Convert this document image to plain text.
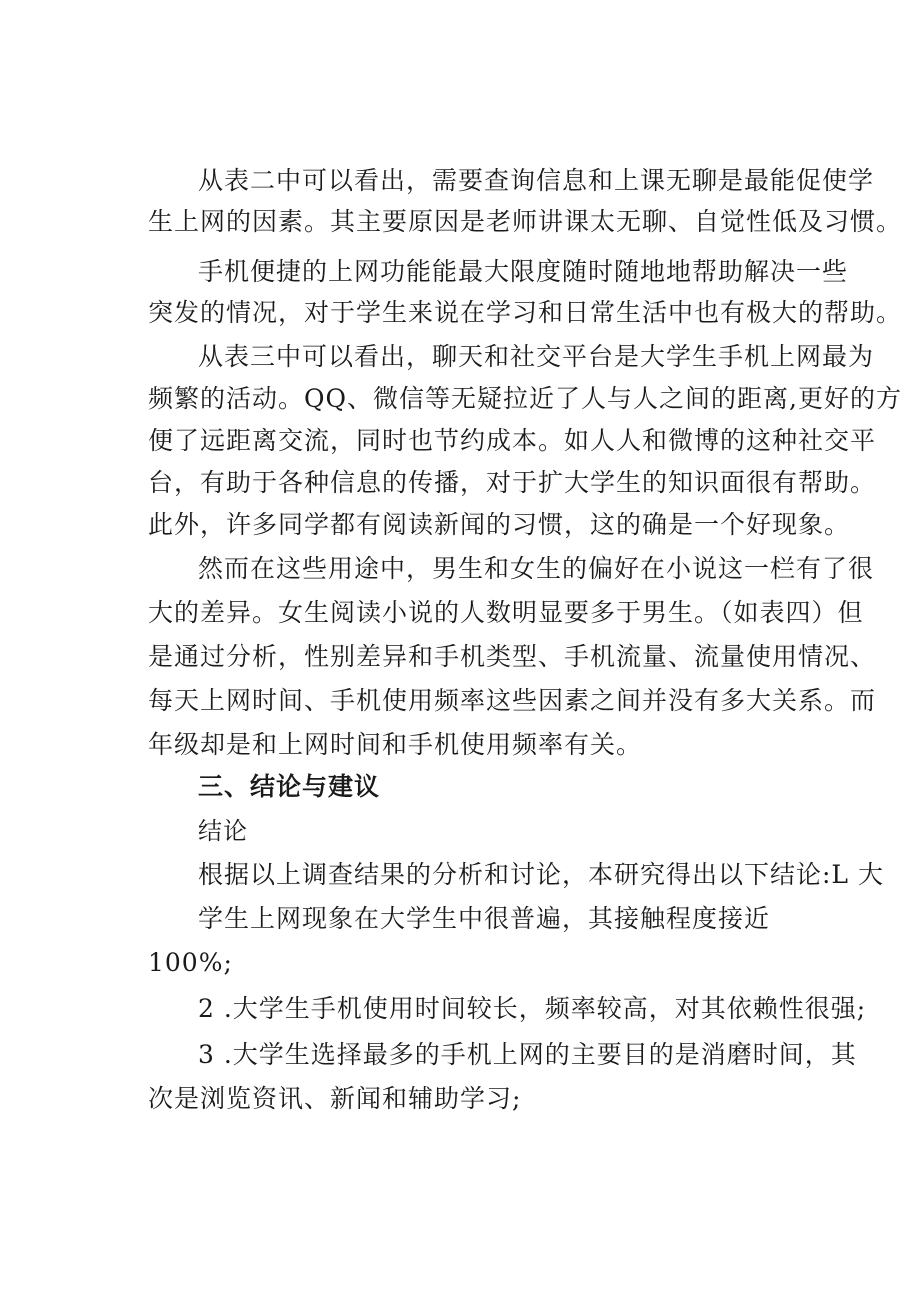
从表二中可以看出，需要查询信息和上课无聊是最能促使学
生上网的因素。其主要原因是老师讲课太无聊、自觉性低及习惯。
手机便捷的上网功能能最大限度随时随地地帮助解决一些
突发的情况，对于学生来说在学习和日常生活中也有极大的帮助。
从表三中可以看出，聊天和社交平台是大学生手机上网最为
频繁的活动。QQ、微信等无疑拉近了人与人之间的距离,更好的方
便了远距离交流，同时也节约成本。如人人和微博的这种社交平
台，有助于各种信息的传播，对于扩大学生的知识面很有帮助。
此外，许多同学都有阅读新闻的习惯，这的确是一个好现象。
然而在这些用途中，男生和女生的偏好在小说这一栏有了很
大的差异。女生阅读小说的人数明显要多于男生。（如表四）但
是通过分析，性别差异和手机类型、手机流量、流量使用情况、
每天上网时间、手机使用频率这些因素之间并没有多大关系。而
年级却是和上网时间和手机使用频率有关。
三、结论与建议
结论
根据以上调查结果的分析和讨论，本研究得出以下结论:L 大
学生上网现象在大学生中很普遍，其接触程度接近
100%;
2 .大学生手机使用时间较长，频率较高，对其依赖性很强;
3 .大学生选择最多的手机上网的主要目的是消磨时间，其
次是浏览资讯、新闻和辅助学习;
